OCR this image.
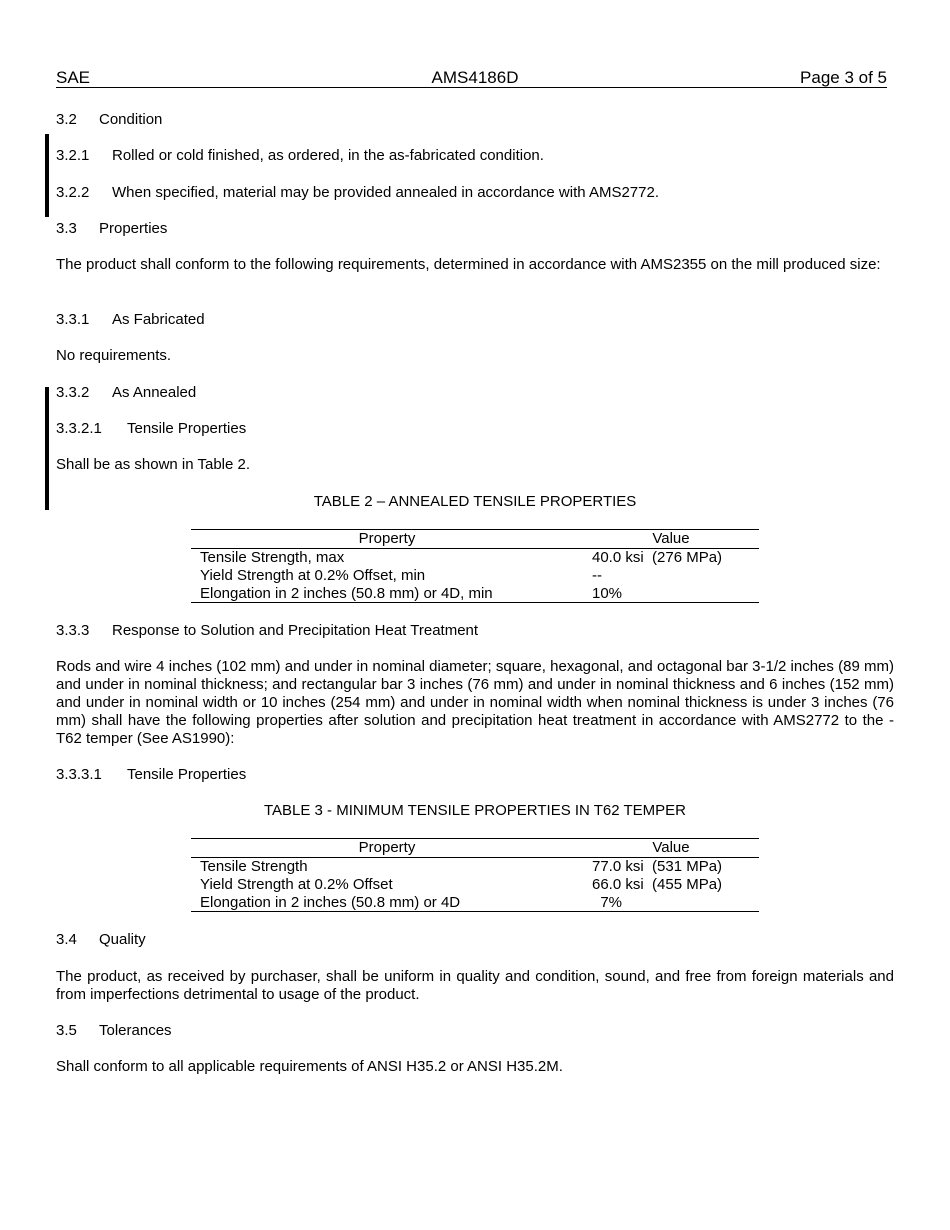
SAE	AMS4186D	Page 3 of 5
3.2 Condition
3.2.1 Rolled or cold finished, as ordered, in the as-fabricated condition.
3.2.2 When specified, material may be provided annealed in accordance with AMS2772.
3.3 Properties
The product shall conform to the following requirements, determined in accordance with AMS2355 on the mill produced size:
3.3.1 As Fabricated
No requirements.
3.3.2 As Annealed
3.3.2.1 Tensile Properties
Shall be as shown in Table 2.
TABLE 2 – ANNEALED TENSILE PROPERTIES
Property	Value
Tensile Strength, max	40.0 ksi  (276 MPa)
Yield Strength at 0.2% Offset, min	--
Elongation in 2 inches (50.8 mm) or 4D, min	10%
3.3.3 Response to Solution and Precipitation Heat Treatment
Rods and wire 4 inches (102 mm) and under in nominal diameter; square, hexagonal, and octagonal bar 3-1/2 inches (89 mm) and under in nominal thickness; and rectangular bar 3 inches (76 mm) and under in nominal thickness and 6 inches (152 mm) and under in nominal width or 10 inches (254 mm) and under in nominal width when nominal thickness is under 3 inches (76 mm) shall have the following properties after solution and precipitation heat treatment in accordance with AMS2772 to the -T62 temper (See AS1990):
3.3.3.1 Tensile Properties
TABLE 3 - MINIMUM TENSILE PROPERTIES IN T62 TEMPER
Property	Value
Tensile Strength	77.0 ksi  (531 MPa)
Yield Strength at 0.2% Offset	66.0 ksi  (455 MPa)
Elongation in 2 inches (50.8 mm) or 4D	7%
3.4 Quality
The product, as received by purchaser, shall be uniform in quality and condition, sound, and free from foreign materials and from imperfections detrimental to usage of the product.
3.5 Tolerances
Shall conform to all applicable requirements of ANSI H35.2 or ANSI H35.2M.
